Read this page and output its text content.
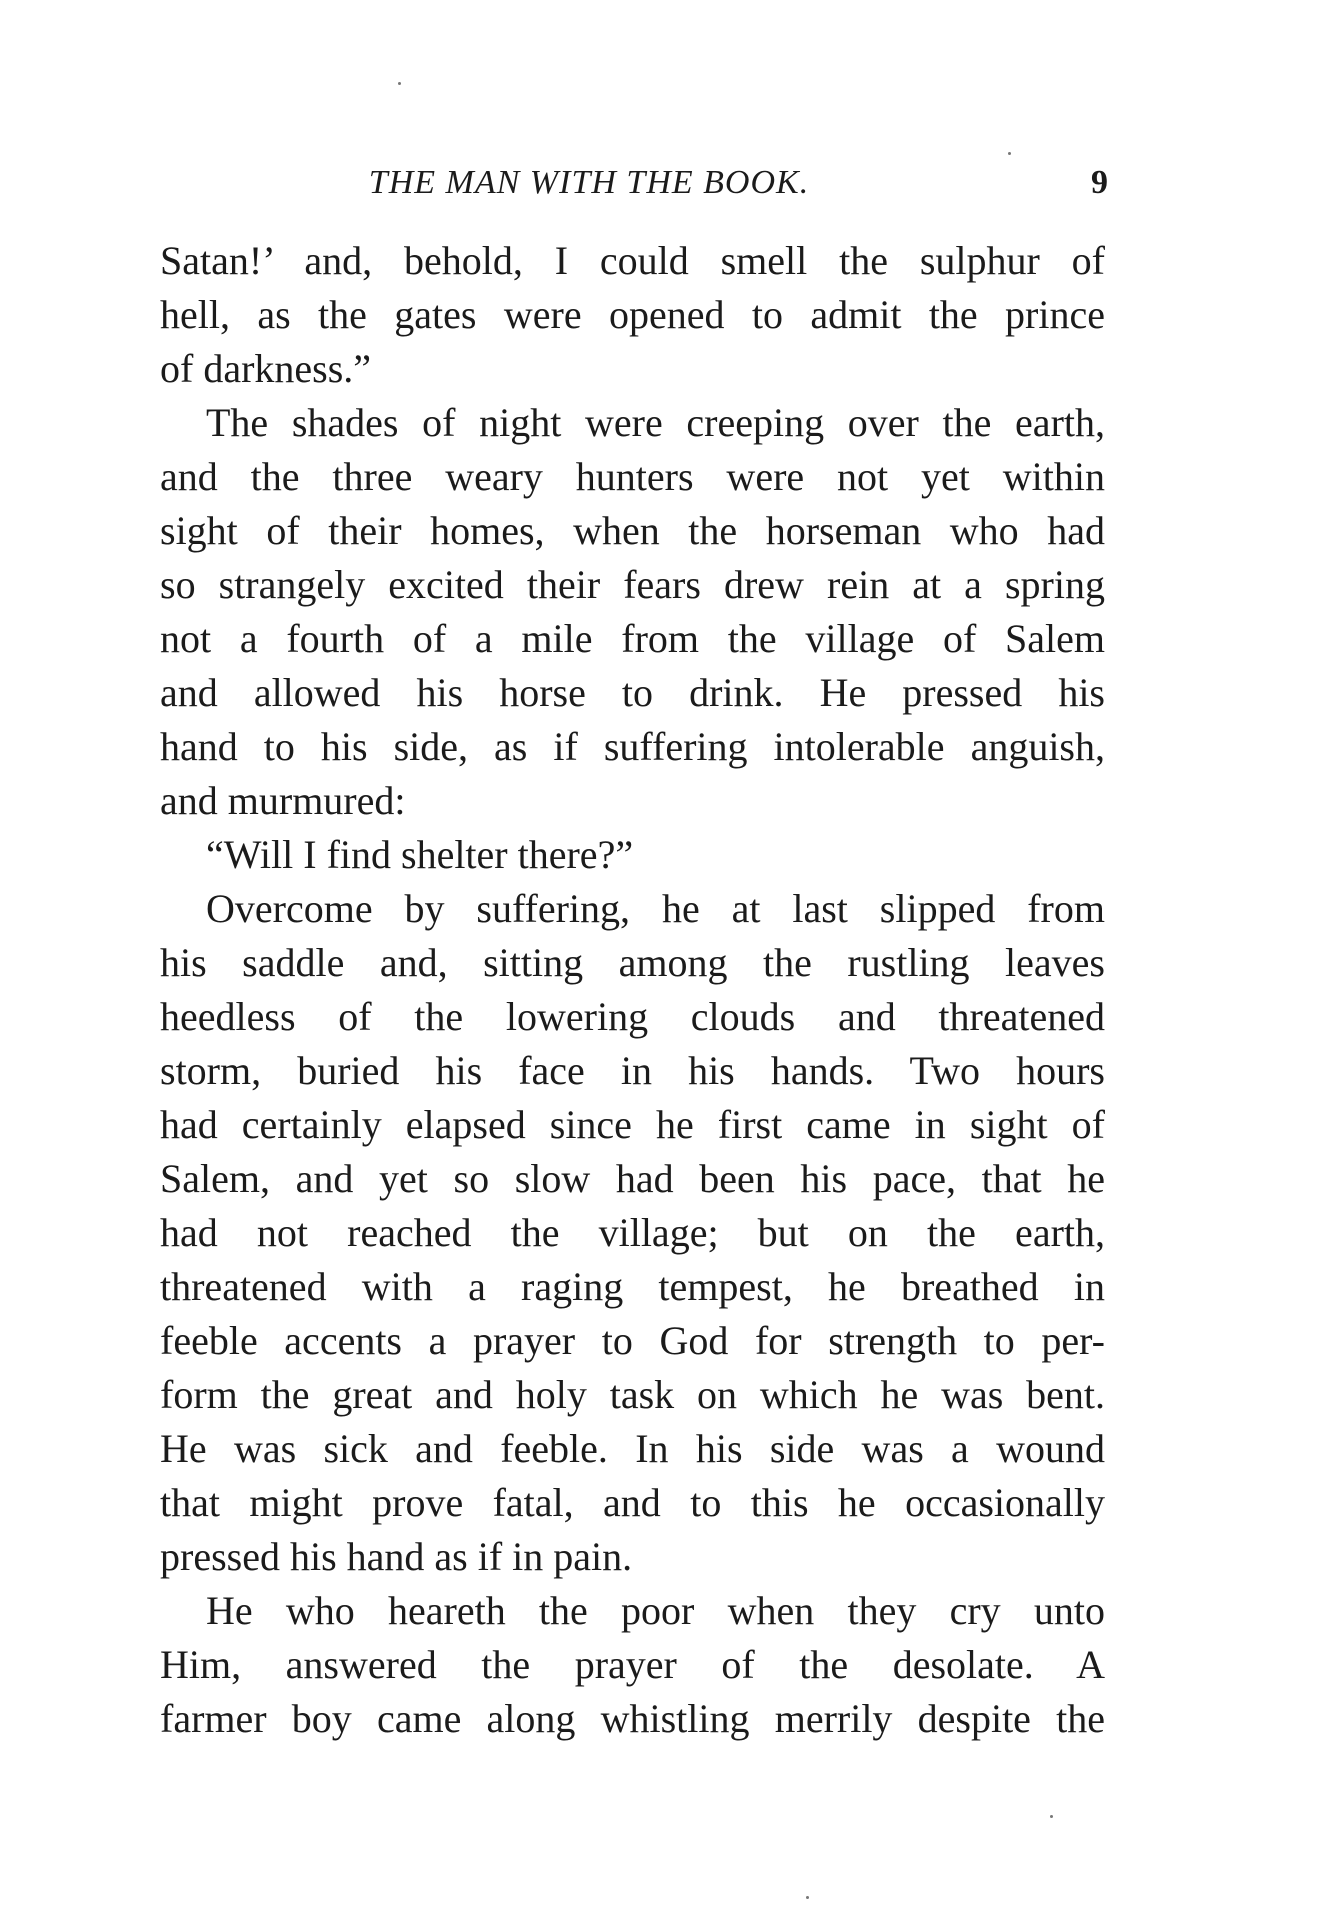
THE MAN WITH THE BOOK.	9
Satan!’ and, behold, I could smell the sulphur of
hell, as the gates were opened to admit the prince
of darkness.”
The shades of night were creeping over the earth,
and the three weary hunters were not yet within
sight of their homes, when the horseman who had
so strangely excited their fears drew rein at a spring
not a fourth of a mile from the village of Salem
and allowed his horse to drink. He pressed his
hand to his side, as if suffering intolerable anguish,
and murmured:
“Will I find shelter there?”
Overcome by suffering, he at last slipped from
his saddle and, sitting among the rustling leaves
heedless of the lowering clouds and threatened
storm, buried his face in his hands. Two hours
had certainly elapsed since he first came in sight of
Salem, and yet so slow had been his pace, that he
had not reached the village; but on the earth,
threatened with a raging tempest, he breathed in
feeble accents a prayer to God for strength to per-
form the great and holy task on which he was bent.
He was sick and feeble. In his side was a wound
that might prove fatal, and to this he occasionally
pressed his hand as if in pain.
He who heareth the poor when they cry unto
Him, answered the prayer of the desolate. A
farmer boy came along whistling merrily despite the
